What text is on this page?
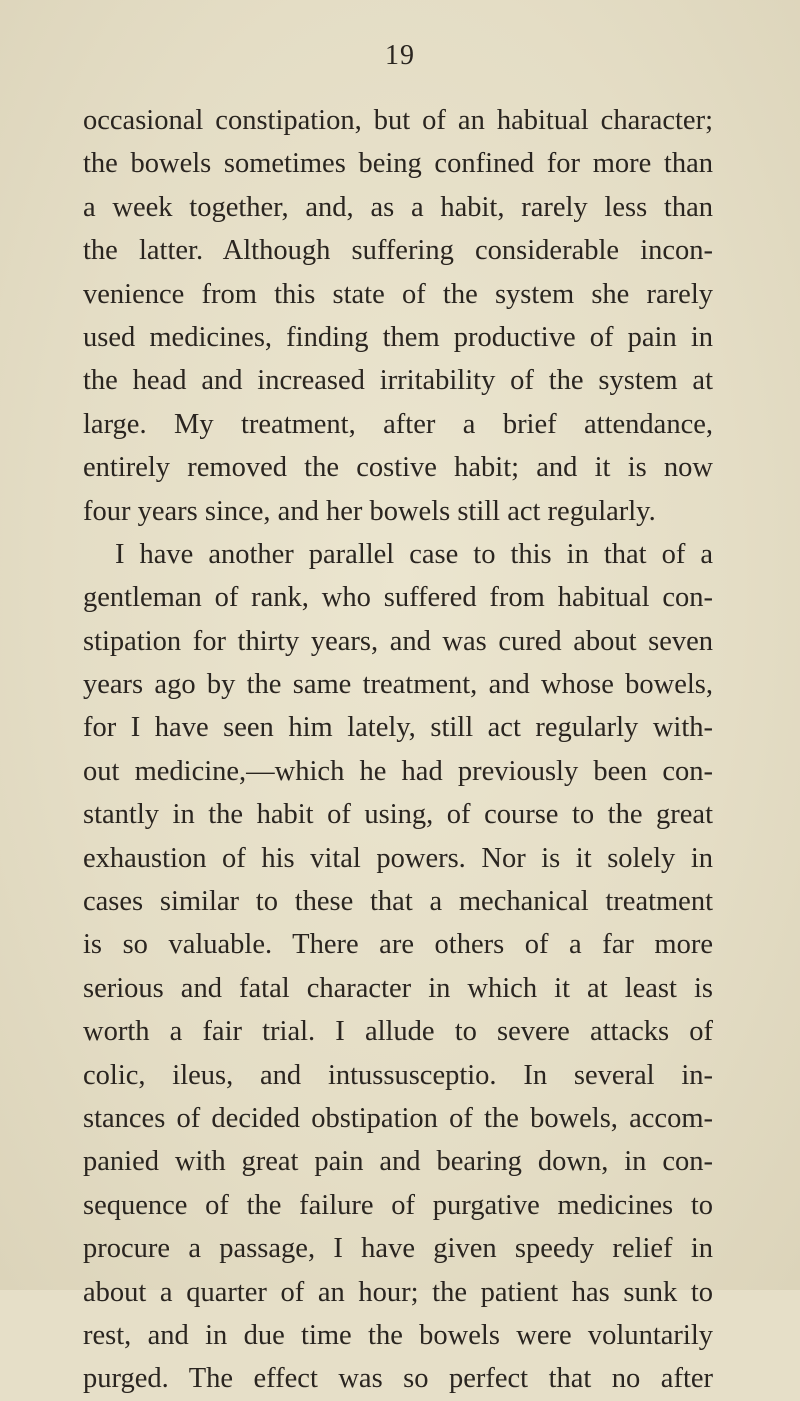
19
occasional constipation, but of an habitual character;
the bowels sometimes being confined for more than
a week together, and, as a habit, rarely less than
the latter. Although suffering considerable incon-
venience from this state of the system she rarely
used medicines, finding them productive of pain in
the head and increased irritability of the system at
large. My treatment, after a brief attendance,
entirely removed the costive habit; and it is now
four years since, and her bowels still act regularly.
I have another parallel case to this in that of a
gentleman of rank, who suffered from habitual con-
stipation for thirty years, and was cured about seven
years ago by the same treatment, and whose bowels,
for I have seen him lately, still act regularly with-
out medicine,—which he had previously been con-
stantly in the habit of using, of course to the great
exhaustion of his vital powers. Nor is it solely in
cases similar to these that a mechanical treatment
is so valuable. There are others of a far more
serious and fatal character in which it at least is
worth a fair trial. I allude to severe attacks of
colic, ileus, and intussusceptio. In several in-
stances of decided obstipation of the bowels, accom-
panied with great pain and bearing down, in con-
sequence of the failure of purgative medicines to
procure a passage, I have given speedy relief in
about a quarter of an hour; the patient has sunk to
rest, and in due time the bowels were voluntarily
purged. The effect was so perfect that no after
